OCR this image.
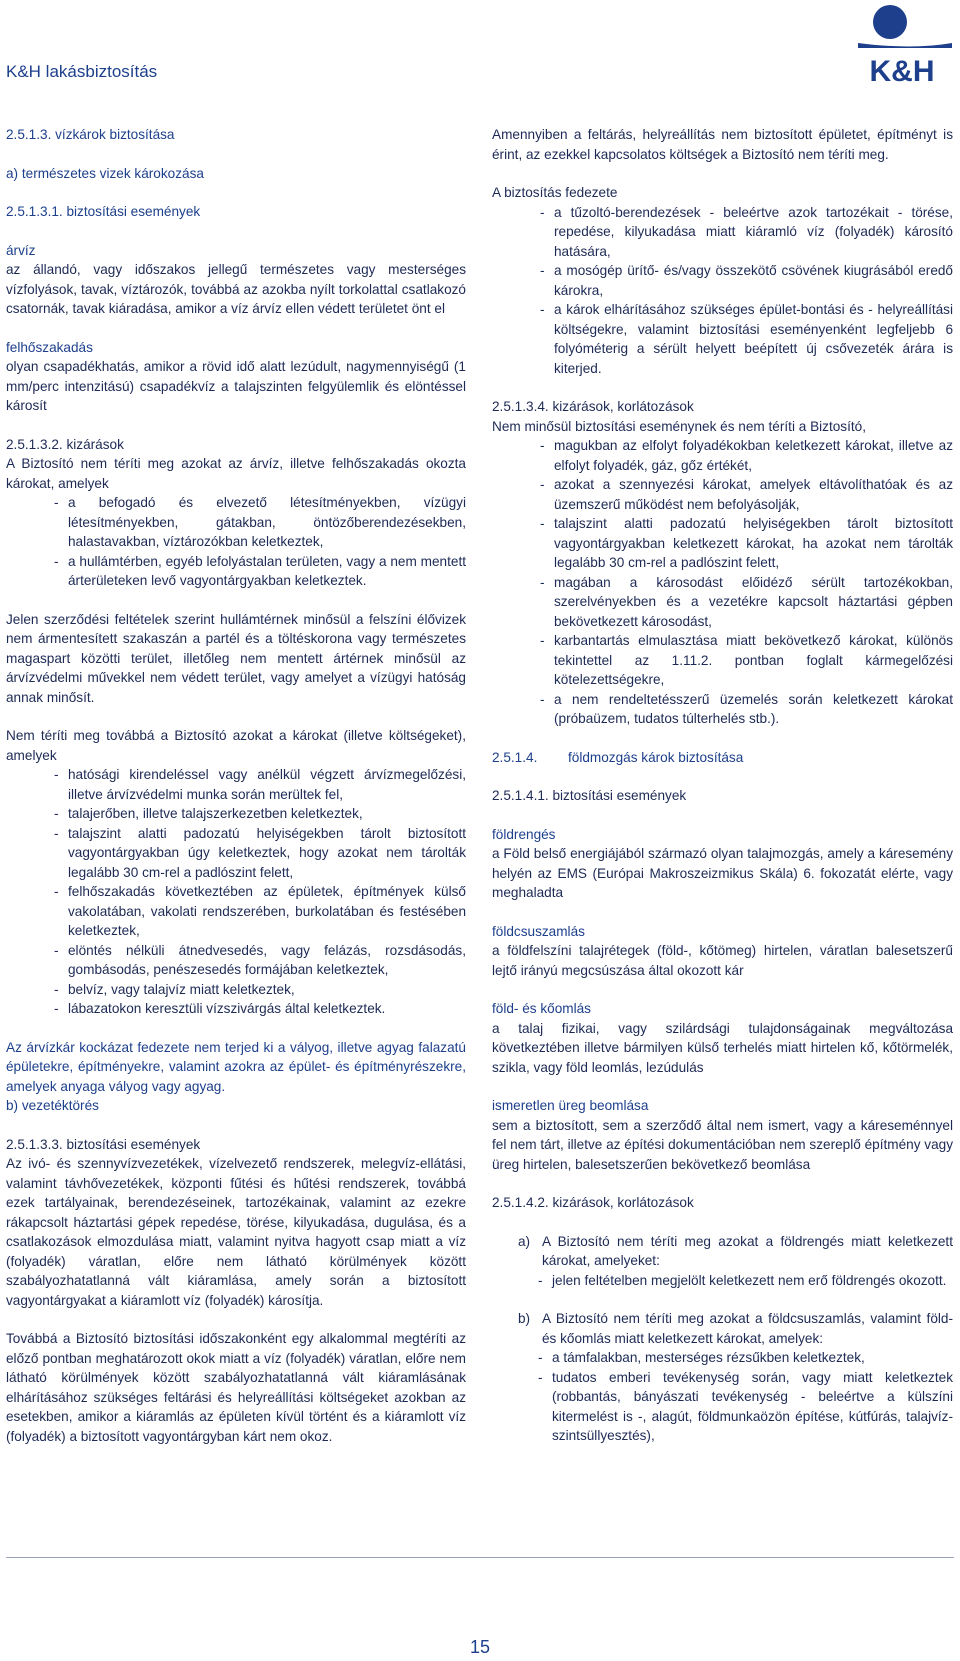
K&H lakásbiztosítás	K&H

2.5.1.3. vízkárok biztosítása

a) természetes vizek károkozása

2.5.1.3.1. biztosítási események

árvíz

az állandó, vagy időszakos jellegű természetes vagy mesterséges vízfolyások, tavak, víztározók, továbbá az azokba nyílt torkolattal csatlakozó csatornák, tavak kiáradása, amikor a víz árvíz ellen védett területet önt el

felhőszakadás

olyan csapadékhatás, amikor a rövid idő alatt lezúdult, nagymennyiségű (1 mm/perc intenzitású) csapadékvíz a talajszinten felgyülemlik és elöntéssel károsít

2.5.1.3.2. kizárások

A Biztosító nem téríti meg azokat az árvíz, illetve felhőszakadás okozta károkat, amelyek

- a befogadó és elvezető létesítményekben, vízügyi létesítményekben, gátakban, öntözőberendezésekben, halastavakban, víztározókban keletkeztek,

- a hullámtérben, egyéb lefolyástalan területen, vagy a nem mentett árterületeken levő vagyontárgyakban keletkeztek.

Jelen szerződési feltételek szerint hullámtérnek minősül a felszíni élővizek nem ármentesített szakaszán a partél és a töltéskorona vagy természetes magaspart közötti terület, illetőleg nem mentett ártérnek minősül az árvízvédelmi művekkel nem védett terület, vagy amelyet a vízügyi hatóság annak minősít.

Nem téríti meg továbbá a Biztosító azokat a károkat (illetve költségeket), amelyek

- hatósági kirendeléssel vagy anélkül végzett árvízmegelőzési, illetve árvízvédelmi munka során merültek fel,

- talajerőben, illetve talajszerkezetben keletkeztek,

- talajszint alatti padozatú helyiségekben tárolt biztosított vagyontárgyakban úgy keletkeztek, hogy azokat nem tárolták legalább 30 cm-rel a padlószint felett,

- felhőszakadás következtében az épületek, építmények külső vakolatában, vakolati rendszerében, burkolatában és festésében keletkeztek,

- elöntés nélküli átnedvesedés, vagy felázás, rozsdásodás, gombásodás, penészesedés formájában keletkeztek,

- belvíz, vagy talajvíz miatt keletkeztek,

- lábazatokon keresztüli vízszivárgás által keletkeztek.

Az árvízkár kockázat fedezete nem terjed ki a vályog, illetve agyag falazatú épületekre, építményekre, valamint azokra az épület- és építményrészekre, amelyek anyaga vályog vagy agyag.

b) vezetéktörés

2.5.1.3.3. biztosítási események

Az ivó- és szennyvízvezetékek, vízelvezető rendszerek, melegvíz-ellátási, valamint távhővezetékek, központi fűtési és hűtési rendszerek, továbbá ezek tartályainak, berendezéseinek, tartozékainak, valamint az ezekre rákapcsolt háztartási gépek repedése, törése, kilyukadása, dugulása, és a csatlakozások elmozdulása miatt, valamint nyitva hagyott csap miatt a víz (folyadék) váratlan, előre nem látható körülmények között szabályozhatatlanná vált kiáramlása, amely során a biztosított vagyontárgyakat a kiáramlott víz (folyadék) károsítja.

Továbbá a Biztosító biztosítási időszakonként egy alkalommal megtéríti az előző pontban meghatározott okok miatt a víz (folyadék) váratlan, előre nem látható körülmények között szabályozhatatlanná vált kiáramlásának elhárításához szükséges feltárási és helyreállítási költségeket azokban az esetekben, amikor a kiáramlás az épületen kívül történt és a kiáramlott víz (folyadék) a biztosított vagyontárgyban kárt nem okoz.

Amennyiben a feltárás, helyreállítás nem biztosított épületet, építményt is érint, az ezekkel kapcsolatos költségek a Biztosító nem téríti meg.

A biztosítás fedezete

- a tűzoltó-berendezések - beleértve azok tartozékait - törése, repedése, kilyukadása miatt kiáramló víz (folyadék) károsító hatására,

- a mosógép ürítő- és/vagy összekötő csövének kiugrásából eredő károkra,

- a károk elhárításához szükséges épület-bontási és - helyreállítási költségekre, valamint biztosítási eseményenként legfeljebb 6 folyóméterig a sérült helyett beépített új csővezeték árára is kiterjed.

2.5.1.3.4. kizárások, korlátozások

Nem minősül biztosítási eseménynek és nem téríti a Biztosító,

- magukban az elfolyt folyadékokban keletkezett károkat, illetve az elfolyt folyadék, gáz, gőz értékét,

- azokat a szennyezési károkat, amelyek eltávolíthatóak és az üzemszerű működést nem befolyásolják,

- talajszint alatti padozatú helyiségekben tárolt biztosított vagyontárgyakban keletkezett károkat, ha azokat nem tárolták legalább 30 cm-rel a padlószint felett,

- magában a károsodást előidéző sérült tartozékokban, szerelvényekben és a vezetékre kapcsolt háztartási gépben bekövetkezett károsodást,

- karbantartás elmulasztása miatt bekövetkező károkat, különös tekintettel az 1.11.2. pontban foglalt kármegelőzési kötelezettségekre,

- a nem rendeltetésszerű üzemelés során keletkezett károkat (próbaüzem, tudatos túlterhelés stb.).

2.5.1.4. földmozgás károk biztosítása

2.5.1.4.1. biztosítási események

földrengés

a Föld belső energiájából származó olyan talajmozgás, amely a káresemény helyén az EMS (Európai Makroszeizmikus Skála) 6. fokozatát elérte, vagy meghaladta

földcsuszamlás

a földfelszíni talajrétegek (föld-, kőtömeg) hirtelen, váratlan balesetszerű lejtő irányú megcsúszása által okozott kár

föld- és kőomlás

a talaj fizikai, vagy szilárdsági tulajdonságainak megváltozása következtében illetve bármilyen külső terhelés miatt hirtelen kő, kőtörmelék, szikla, vagy föld leomlás, lezúdulás

ismeretlen üreg beomlása

sem a biztosított, sem a szerződő által nem ismert, vagy a káreseménnyel fel nem tárt, illetve az építési dokumentációban nem szereplő építmény vagy üreg hirtelen, balesetszerűen bekövetkező beomlása

2.5.1.4.2. kizárások, korlátozások

a) A Biztosító nem téríti meg azokat a földrengés miatt keletkezett károkat, amelyeket:

- jelen feltételben megjelölt keletkezett nem erő földrengés okozott.

b) A Biztosító nem téríti meg azokat a földcsuszamlás, valamint föld- és kőomlás miatt keletkezett károkat, amelyek:

- a támfalakban, mesterséges rézsűkben keletkeztek,

- tudatos emberi tevékenység során, vagy miatt keletkeztek (robbantás, bányászati tevékenység - beleértve a külszíni kitermelést is -, alagút, földmunkaözön építése, kútfúrás, talajvíz-szintsüllyesztés),

15
